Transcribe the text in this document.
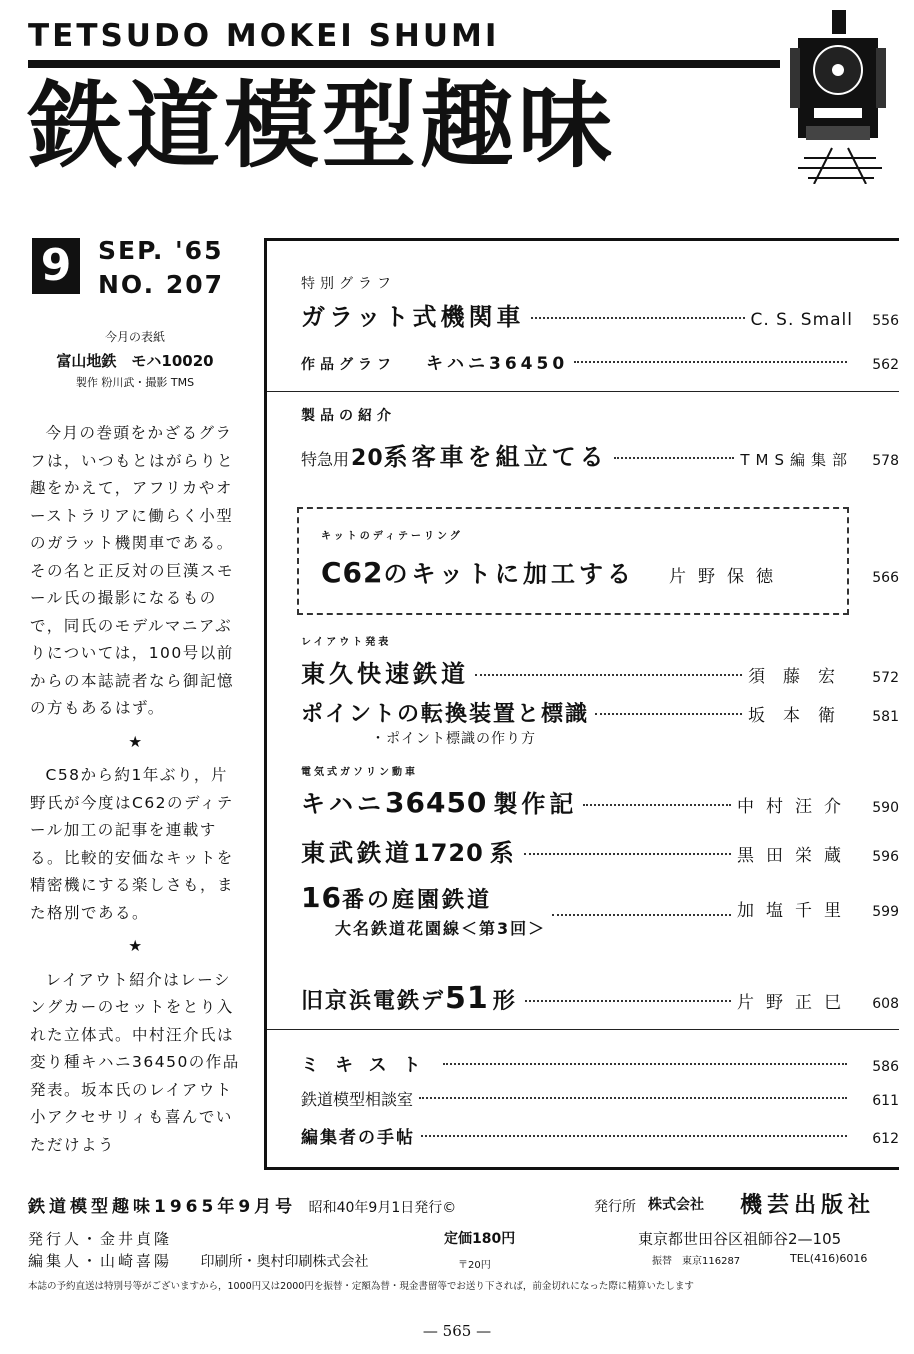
TETSUDO MOKEI SHUMI
鉄道模型趣味
9	SEP. '65
NO. 207
今月の表紙
富山地鉄　モハ10020
製作 粉川武・撮影 TMS

今月の巻頭をかざるグラフは，いつもとはがらりと趣をかえて，アフリカやオーストラリアに働らく小型のガラット機関車である。その名と正反対の巨漢スモール氏の撮影になるもので，同氏のモデルマニアぶりについては，100号以前からの本誌読者なら御記憶の方もあるはず。

★

C58から約1年ぶり，片野氏が今度はC62のディテール加工の記事を連載する。比較的安価なキットを精密機にする楽しさも，また格別である。

★

レイアウト紹介はレーシングカーのセットをとり入れた立体式。中村汪介氏は変り種キハニ36450の作品発表。坂本氏のレイアウト小アクセサリィも喜んでいただけよう

特別グラフ
ガラット式機関車	C. S. Small	556
作品グラフ キハニ36450	562
製品の紹介
特急用 20 系客車を組立てる	TMS編集部	578
キットのディテーリング
C62 のキットに加工する 片野保徳	566
レイアウト発表
東久快速鉄道	須藤宏	572
ポイントの転換装置と標識	坂本衛	581
・ポイント標識の作り方
電気式ガソリン動車
キハニ 36450 製作記	中村汪介	590
東武鉄道 1720 系	黒田栄蔵	596
16 番の庭園鉄道
大名鉄道花園線＜第3回＞
加塩千里	599
旧京浜電鉄デ 51 形	片野正巳	608
ミキスト	586
鉄道模型相談室	611
編集者の手帖	612
鉄道模型趣味1965年9月号 昭和40年9月1日発行©	発行所 株式会社 機芸出版社
発行人・金井貞隆	定価180円	東京都世田谷区祖師谷2—105
編集人・山崎喜陽 印刷所・奥村印刷株式会社	〒20円	振替　東京116287	TEL(416)6016
本誌の予約直送は特別号等がございますから，1000円又は2000円を振替・定額為替・現金書留等でお送り下されば，前金切れになった際に精算いたします
— 565 —
